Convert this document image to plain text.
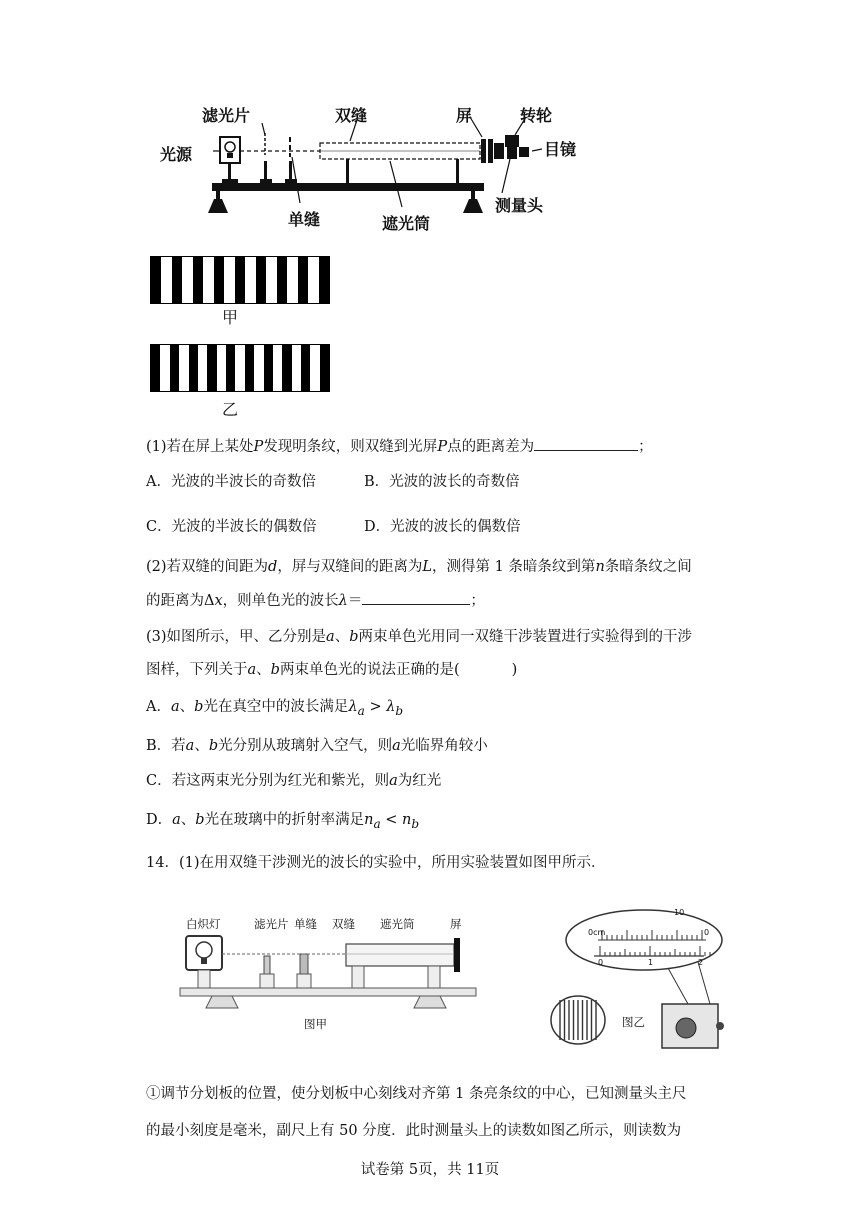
滤光片	双缝	屏	转轮
光源	目镜
单缝	遮光筒
测量头
甲
乙
(1)若在屏上某处P发现明条纹，则双缝到光屏P点的距离差为	；
A．光波的半波长的奇数倍	B．光波的波长的奇数倍
C．光波的半波长的偶数倍	D．光波的波长的偶数倍
(2)若双缝的间距为d，屏与双缝间的距离为L，测得第 1 条暗条纹到第n条暗条纹之间
的距离为Δx，则单色光的波长λ＝	；
(3)如图所示，甲、乙分别是a、b两束单色光用同一双缝干涉装置进行实验得到的干涉
图样，下列关于a、b两束单色光的说法正确的是(	)
A．a、b光在真空中的波长满足$\lambda_a > \lambda_b$
B．若a、b光分别从玻璃射入空气，则a光临界角较小
C．若这两束光分别为红光和紫光，则a为红光
D．a、b光在玻璃中的折射率满足$n_a < n_b$
14．(1)在用双缝干涉测光的波长的实验中，所用实验装置如图甲所示．
白炽灯	滤光片 单缝 双缝 遮光筒	屏
图甲
0cm
0	1	2
10
0
图乙
①调节分划板的位置，使分划板中心刻线对齐第 1 条亮条纹的中心，已知测量头主尺
的最小刻度是毫米，副尺上有 50 分度．此时测量头上的读数如图乙所示，则读数为
试卷第 5页，共 11页
